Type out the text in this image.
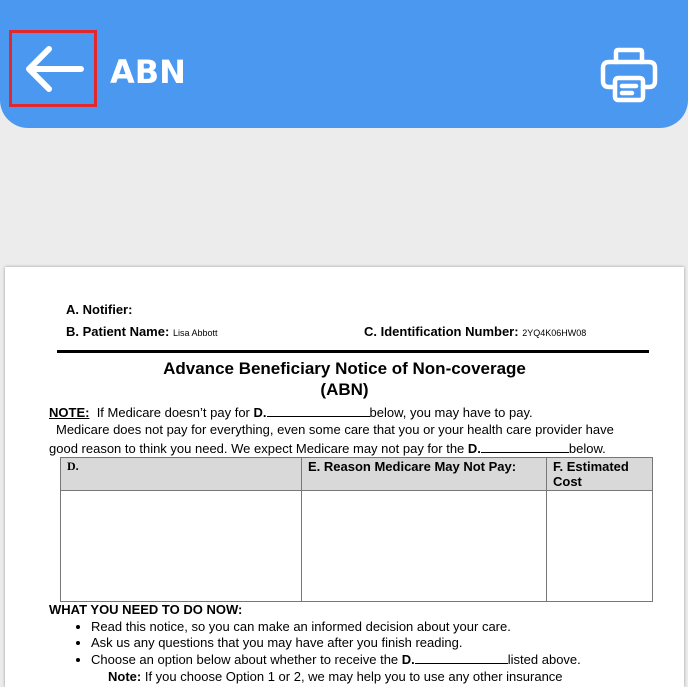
ABN
A. Notifier:
B. Patient Name: Lisa Abbott	C. Identification Number: 2YQ4K06HW08
Advance Beneficiary Notice of Non-coverage
(ABN)
NOTE: If Medicare doesn’t pay for D.	below, you may have to pay.
Medicare does not pay for everything, even some care that you or your health care provider have
good reason to think you need. We expect Medicare may not pay for the D.	below.
D.	E. Reason Medicare May Not Pay:	F. Estimated
Cost

WHAT YOU NEED TO DO NOW:
• Read this notice, so you can make an informed decision about your care.
• Ask us any questions that you may have after you finish reading.
• Choose an option below about whether to receive the D.	listed above.
Note: If you choose Option 1 or 2, we may help you to use any other insurance
